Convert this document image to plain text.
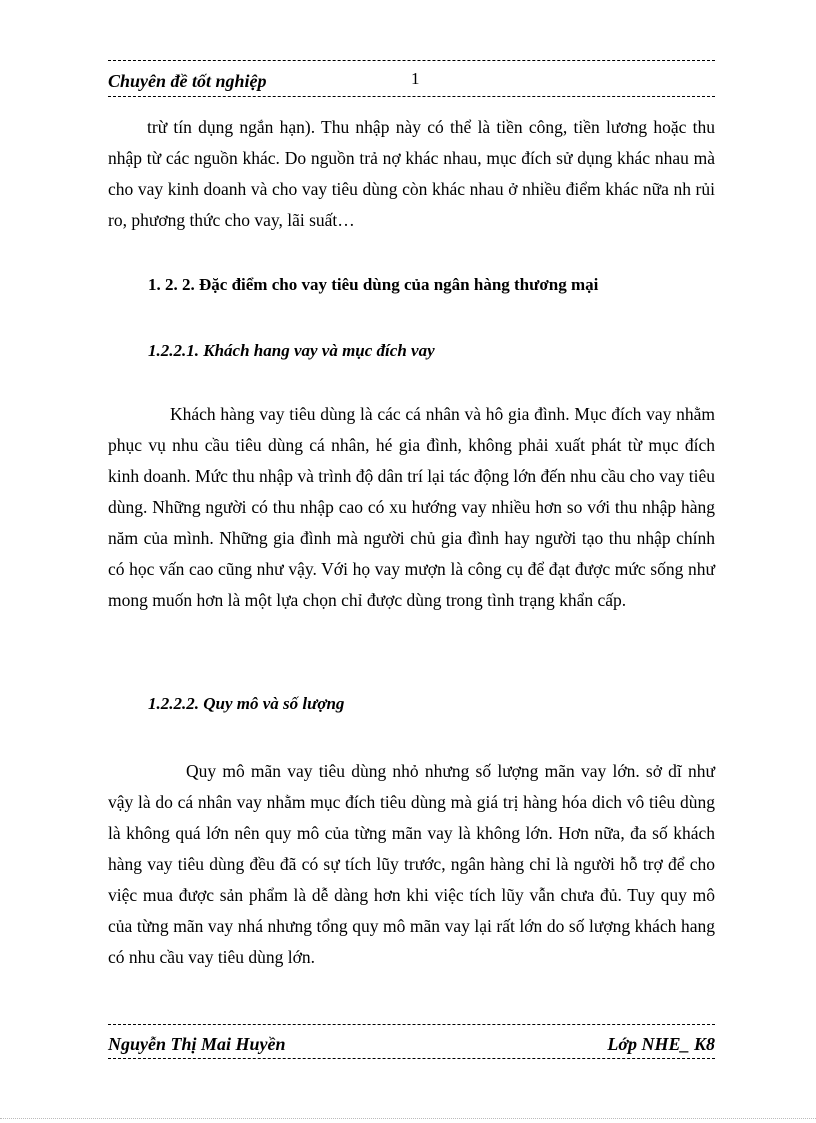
Chuyên đề tốt nghiệp	1
trừ tín dụng ngắn hạn). Thu nhập này có thể là tiền công, tiền lương hoặc thu nhập từ các nguồn khác. Do nguồn trả nợ khác nhau, mục đích sử dụng khác nhau mà cho vay kinh doanh và cho vay tiêu dùng còn khác nhau ở nhiều điểm khác nữa nh rủi ro, phương thức cho vay, lãi suất…
1. 2. 2. Đặc điểm cho vay tiêu dùng của ngân hàng thương mại
1.2.2.1. Khách hang vay và mục đích vay
Khách hàng vay tiêu dùng là các cá nhân và hô gia đình. Mục đích vay nhằm phục vụ nhu cầu tiêu dùng cá nhân, hé gia đình, không phải xuất phát từ mục đích kinh doanh. Mức thu nhập và trình độ dân trí lại tác động lớn đến nhu cầu cho vay tiêu dùng. Những người có thu nhập cao có xu hướng vay nhiều hơn so với thu nhập hàng năm của mình. Những gia đình mà người chủ gia đình hay người tạo thu nhập chính có học vấn cao cũng như vậy. Với họ vay mượn là công cụ để đạt được mức sống như mong muốn hơn là một lựa chọn chỉ được dùng trong tình trạng khẩn cấp.
1.2.2.2. Quy mô và số lượng
Quy mô mãn vay tiêu dùng nhỏ nhưng số lượng mãn vay lớn. sở dĩ như vậy là do cá nhân vay nhằm mục đích tiêu dùng mà giá trị hàng hóa dich vô tiêu dùng là không quá lớn nên quy mô của từng mãn vay là không lớn. Hơn nữa, đa số khách hàng vay tiêu dùng đều đã có sự tích lũy trước, ngân hàng chỉ là người hỗ trợ để cho việc mua được sản phẩm là dễ dàng hơn khi việc tích lũy vẫn chưa đủ. Tuy quy mô của từng mãn vay nhá nhưng tổng quy mô mãn vay lại rất lớn do số lượng khách hang có nhu cầu vay tiêu dùng lớn.
Nguyễn Thị Mai Huyền	Lớp NHE_ K8
